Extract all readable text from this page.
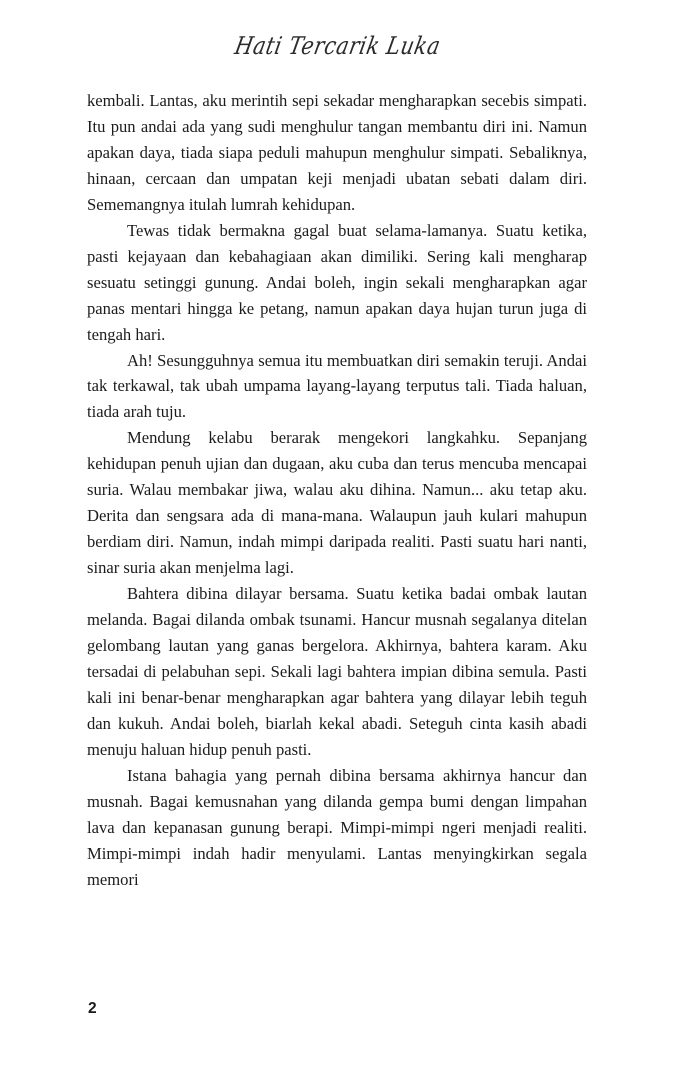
Hati Tercarik Luka

kembali. Lantas, aku merintih sepi sekadar mengharapkan secebis simpati. Itu pun andai ada yang sudi menghulur tangan membantu diri ini. Namun apakan daya, tiada siapa peduli mahupun menghulur simpati. Sebaliknya, hinaan, cercaan dan umpatan keji menjadi ubatan sebati dalam diri. Sememangnya itulah lumrah kehidupan.

Tewas tidak bermakna gagal buat selama-lamanya. Suatu ketika, pasti kejayaan dan kebahagiaan akan dimiliki. Sering kali mengharap sesuatu setinggi gunung. Andai boleh, ingin sekali mengharapkan agar panas mentari hingga ke petang, namun apakan daya hujan turun juga di tengah hari.

Ah! Sesungguhnya semua itu membuatkan diri semakin teruji. Andai tak terkawal, tak ubah umpama layang-layang terputus tali. Tiada haluan, tiada arah tuju.

Mendung kelabu berarak mengekori langkahku. Sepanjang kehidupan penuh ujian dan dugaan, aku cuba dan terus mencuba mencapai suria. Walau membakar jiwa, walau aku dihina. Namun... aku tetap aku. Derita dan sengsara ada di mana-mana. Walaupun jauh kulari mahupun berdiam diri. Namun, indah mimpi daripada realiti. Pasti suatu hari nanti, sinar suria akan menjelma lagi.

Bahtera dibina dilayar bersama. Suatu ketika badai ombak lautan melanda. Bagai dilanda ombak tsunami. Hancur musnah segalanya ditelan gelombang lautan yang ganas bergelora. Akhirnya, bahtera karam. Aku tersadai di pelabuhan sepi. Sekali lagi bahtera impian dibina semula. Pasti kali ini benar-benar mengharapkan agar bahtera yang dilayar lebih teguh dan kukuh. Andai boleh, biarlah kekal abadi. Seteguh cinta kasih abadi menuju haluan hidup penuh pasti.

Istana bahagia yang pernah dibina bersama akhirnya hancur dan musnah. Bagai kemusnahan yang dilanda gempa bumi dengan limpahan lava dan kepanasan gunung berapi. Mimpi-mimpi ngeri menjadi realiti. Mimpi-mimpi indah hadir menyulami. Lantas menyingkirkan segala memori

2
